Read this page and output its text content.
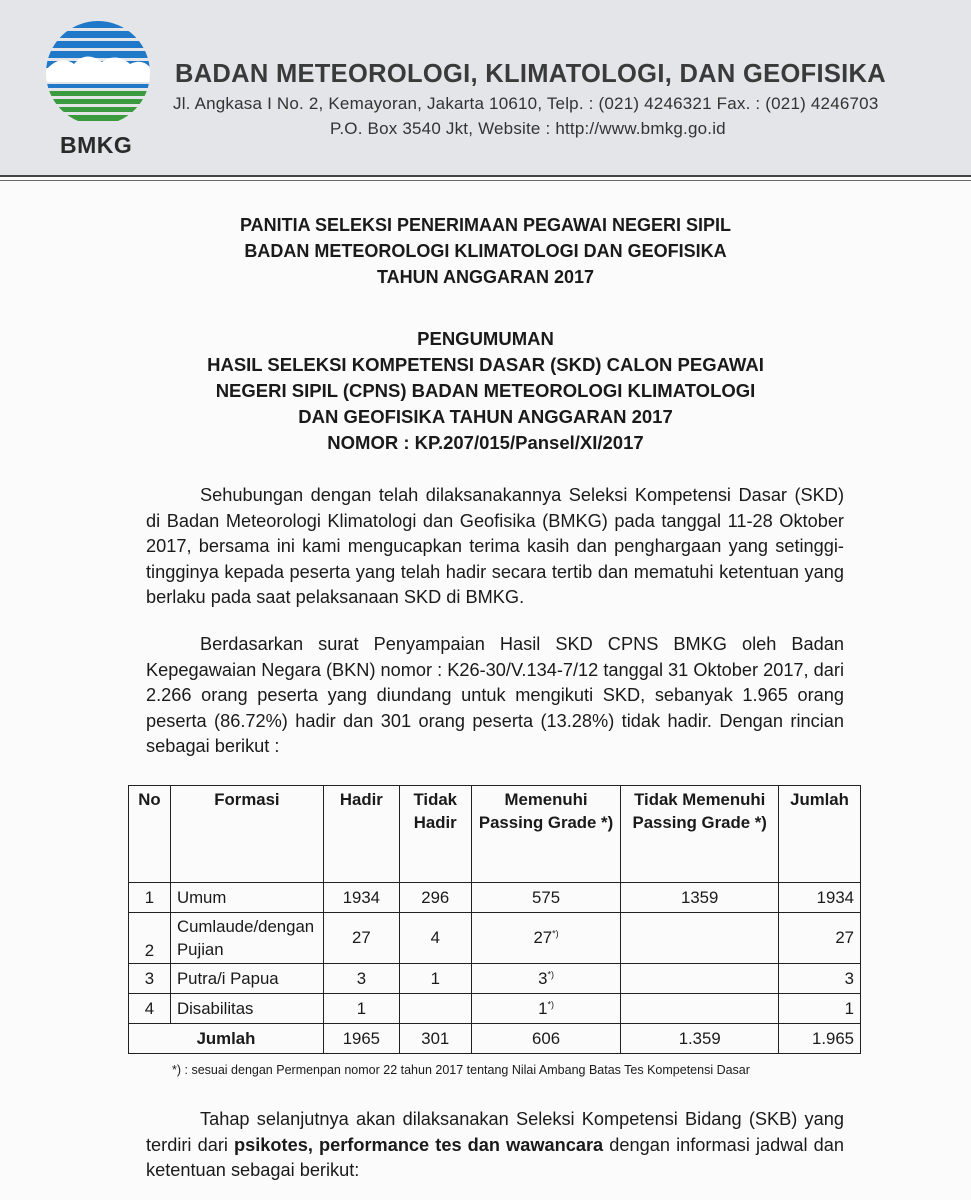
BMKG
BADAN METEOROLOGI, KLIMATOLOGI, DAN GEOFISIKA
Jl. Angkasa I No. 2, Kemayoran, Jakarta 10610, Telp. : (021) 4246321 Fax. : (021) 4246703
P.O. Box 3540 Jkt, Website : http://www.bmkg.go.id
PANITIA SELEKSI PENERIMAAN PEGAWAI NEGERI SIPIL
BADAN METEOROLOGI KLIMATOLOGI DAN GEOFISIKA
TAHUN ANGGARAN 2017
PENGUMUMAN
HASIL SELEKSI KOMPETENSI DASAR (SKD) CALON PEGAWAI
NEGERI SIPIL (CPNS) BADAN METEOROLOGI KLIMATOLOGI
DAN GEOFISIKA TAHUN ANGGARAN 2017
NOMOR : KP.207/015/Pansel/XI/2017
Sehubungan dengan telah dilaksanakannya Seleksi Kompetensi Dasar (SKD) di Badan Meteorologi Klimatologi dan Geofisika (BMKG) pada tanggal 11-28 Oktober 2017, bersama ini kami mengucapkan terima kasih dan penghargaan yang setinggi-tingginya kepada peserta yang telah hadir secara tertib dan mematuhi ketentuan yang berlaku pada saat pelaksanaan SKD di BMKG.
Berdasarkan surat Penyampaian Hasil SKD CPNS BMKG oleh Badan Kepegawaian Negara (BKN) nomor : K26-30/V.134-7/12 tanggal 31 Oktober 2017, dari 2.266 orang peserta yang diundang untuk mengikuti SKD, sebanyak 1.965 orang peserta (86.72%) hadir dan 301 orang peserta (13.28%) tidak hadir. Dengan rincian sebagai berikut :
No	Formasi	Hadir	Tidak Hadir	Memenuhi Passing Grade *)	Tidak Memenuhi Passing Grade *)	Jumlah
1	Umum	1934	296	575	1359	1934
2	Cumlaude/dengan Pujian	27	4	27*)		27
3	Putra/i Papua	3	1	3*)		3
4	Disabilitas	1		1*)		1
Jumlah		1965	301	606	1.359	1.965
*) : sesuai dengan Permenpan nomor 22 tahun 2017 tentang Nilai Ambang Batas Tes Kompetensi Dasar
Tahap selanjutnya akan dilaksanakan Seleksi Kompetensi Bidang (SKB) yang terdiri dari psikotes, performance tes dan wawancara dengan informasi jadwal dan ketentuan sebagai berikut:
